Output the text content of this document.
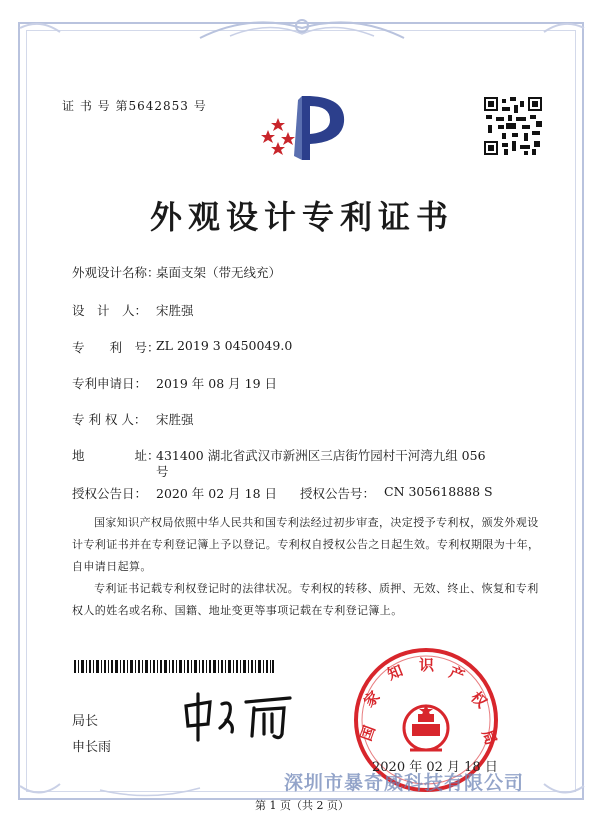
证 书 号 第5642853 号
外观设计专利证书
外观设计名称：
桌面支架（带无线充）
设　计　人： 宋胜强
专　　利　号：
ZL 2019 3 0450049.0
专利申请日： 2019 年 08 月 19 日
专 利 权 人： 宋胜强
地　　　　址：
431400 湖北省武汉市新洲区三店街竹园村干河湾九组 056
号
授权公告日： 2020 年 02 月 18 日 授权公告号： CN 305618888 S
国家知识产权局依照中华人民共和国专利法经过初步审查，决定授予专利权，颁发外观设计专利证书并在专利登记簿上予以登记。专利权自授权公告之日起生效。专利权期限为十年，自申请日起算。
专利证书记载专利权登记时的法律状况。专利权的转移、质押、无效、终止、恢复和专利权人的姓名或名称、国籍、地址变更等事项记载在专利登记簿上。
局长
申长雨
国
家
知 识 产
权
局
2020 年 02 月 18 日
深圳市暴奇威科技有限公司
第 1 页（共 2 页）
